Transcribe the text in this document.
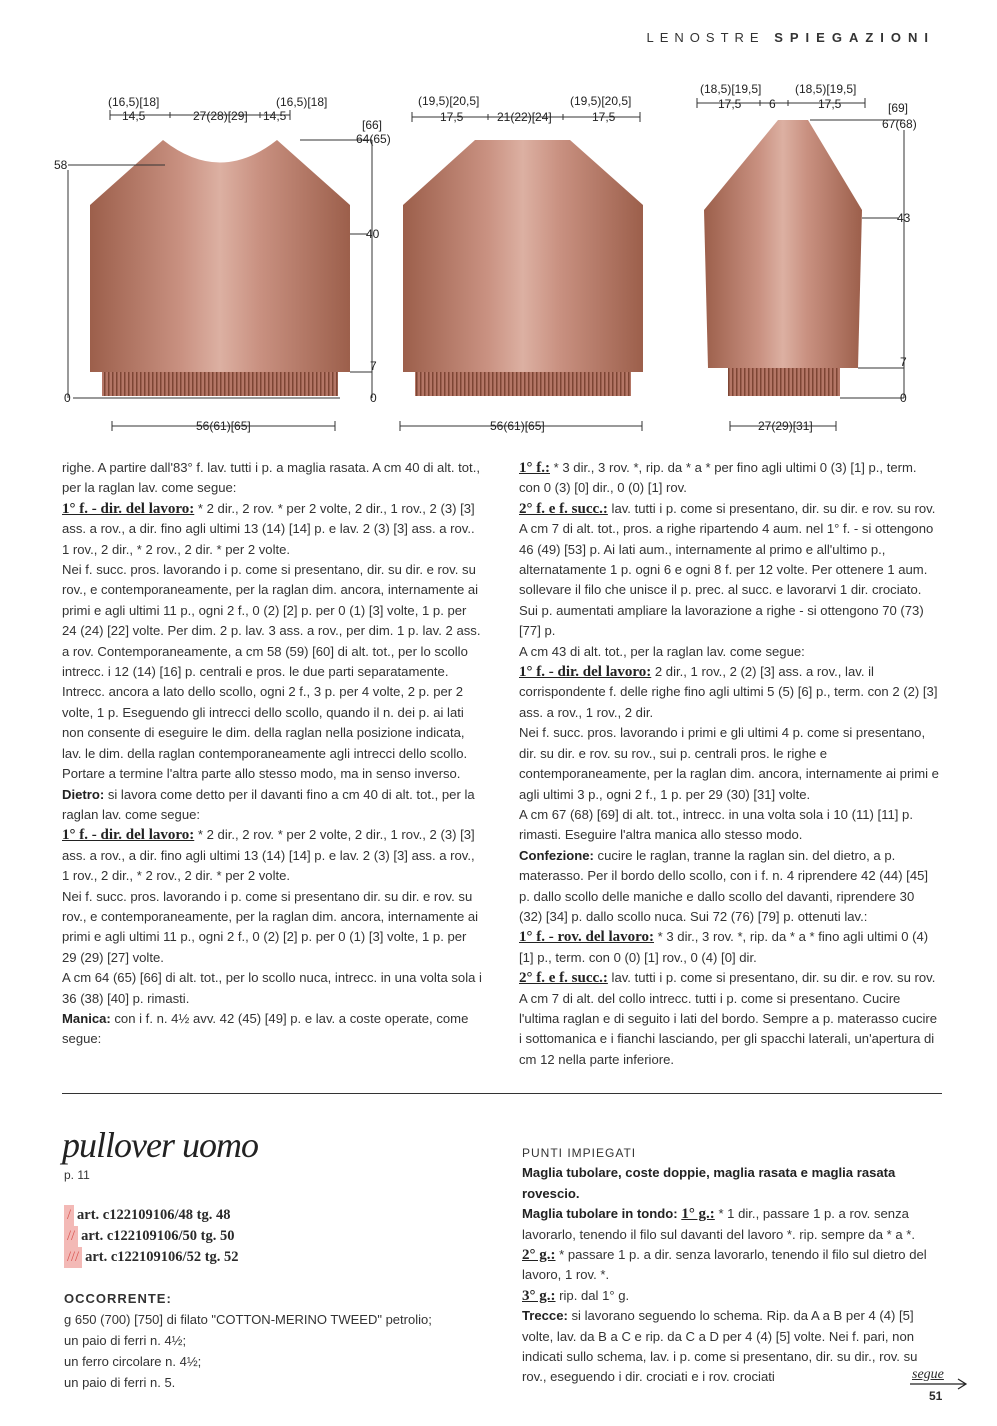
LENOSTRE SPIEGAZIONI
(16,5)[18]	(16,5)[18]
14,5	27(28)[29] 14,5
[66]
64(65)
58
40
7
0
0
56(61)[65]
(19,5)[20,5]	(19,5)[20,5]
17,5	21(22)[24]	17,5
56(61)[65]
(18,5)[19,5]	(18,5)[19,5]
17,5 6	17,5	[69]
67(68)
43
7
0
27(29)[31]

righe. A partire dall'83° f. lav. tutti i p. a maglia rasata. A cm 40 di alt. tot., per la raglan lav. come segue:

1° f. - dir. del lavoro: * 2 dir., 2 rov. * per 2 volte, 2 dir., 1 rov., 2 (3) [3] ass. a rov., a dir. fino agli ultimi 13 (14) [14] p. e lav. 2 (3) [3] ass. a rov.. 1 rov., 2 dir., * 2 rov., 2 dir. * per 2 volte.

Nei f. succ. pros. lavorando i p. come si presentano, dir. su dir. e rov. su rov., e contemporaneamente, per la raglan dim. ancora, internamente ai primi e agli ultimi 11 p., ogni 2 f., 0 (2) [2] p. per 0 (1) [3] volte, 1 p. per 24 (24) [22] volte. Per dim. 2 p. lav. 3 ass. a rov., per dim. 1 p. lav. 2 ass. a rov. Contemporaneamente, a cm 58 (59) [60] di alt. tot., per lo scollo intrecc. i 12 (14) [16] p. centrali e pros. le due parti separatamente. Intrecc. ancora a lato dello scollo, ogni 2 f., 3 p. per 4 volte, 2 p. per 2 volte, 1 p. Eseguendo gli intrecci dello scollo, quando il n. dei p. ai lati non consente di eseguire le dim. della raglan nella posizione indicata, lav. le dim. della raglan contemporaneamente agli intrecci dello scollo.

Portare a termine l'altra parte allo stesso modo, ma in senso inverso.

Dietro: si lavora come detto per il davanti fino a cm 40 di alt. tot., per la raglan lav. come segue:

1° f. - dir. del lavoro: * 2 dir., 2 rov. * per 2 volte, 2 dir., 1 rov., 2 (3) [3] ass. a rov., a dir. fino agli ultimi 13 (14) [14] p. e lav. 2 (3) [3] ass. a rov., 1 rov., 2 dir., * 2 rov., 2 dir. * per 2 volte.

Nei f. succ. pros. lavorando i p. come si presentano dir. su dir. e rov. su rov., e contemporaneamente, per la raglan dim. ancora, internamente ai primi e agli ultimi 11 p., ogni 2 f., 0 (2) [2] p. per 0 (1) [3] volte, 1 p. per 29 (29) [27] volte.

A cm 64 (65) [66] di alt. tot., per lo scollo nuca, intrecc. in una volta sola i 36 (38) [40] p. rimasti.

Manica: con i f. n. 4½ avv. 42 (45) [49] p. e lav. a coste operate, come segue:

1° f.: * 3 dir., 3 rov. *, rip. da * a * per fino agli ultimi 0 (3) [1] p., term. con 0 (3) [0] dir., 0 (0) [1] rov.

2° f. e f. succ.: lav. tutti i p. come si presentano, dir. su dir. e rov. su rov. A cm 7 di alt. tot., pros. a righe ripartendo 4 aum. nel 1° f. - si ottengono 46 (49) [53] p. Ai lati aum., internamente al primo e all'ultimo p., alternatamente 1 p. ogni 6 e ogni 8 f. per 12 volte. Per ottenere 1 aum. sollevare il filo che unisce il p. prec. al succ. e lavorarvi 1 dir. crociato. Sui p. aumentati ampliare la lavorazione a righe - si ottengono 70 (73) [77] p.

A cm 43 di alt. tot., per la raglan lav. come segue:

1° f. - dir. del lavoro: 2 dir., 1 rov., 2 (2) [3] ass. a rov., lav. il corrispondente f. delle righe fino agli ultimi 5 (5) [6] p., term. con 2 (2) [3] ass. a rov., 1 rov., 2 dir.

Nei f. succ. pros. lavorando i primi e gli ultimi 4 p. come si presentano, dir. su dir. e rov. su rov., sui p. centrali pros. le righe e contemporaneamente, per la raglan dim. ancora, internamente ai primi e agli ultimi 3 p., ogni 2 f., 1 p. per 29 (30) [31] volte.

A cm 67 (68) [69] di alt. tot., intrecc. in una volta sola i 10 (11) [11] p. rimasti. Eseguire l'altra manica allo stesso modo.

Confezione: cucire le raglan, tranne la raglan sin. del dietro, a p. materasso. Per il bordo dello scollo, con i f. n. 4 riprendere 42 (44) [45] p. dallo scollo delle maniche e dallo scollo del davanti, riprendere 30 (32) [34] p. dallo scollo nuca. Sui 72 (76) [79] p. ottenuti lav.:

1° f. - rov. del lavoro: * 3 dir., 3 rov. *, rip. da * a * fino agli ultimi 0 (4) [1] p., term. con 0 (0) [1] rov., 0 (4) [0] dir.

2° f. e f. succ.: lav. tutti i p. come si presentano, dir. su dir. e rov. su rov. A cm 7 di alt. del collo intrecc. tutti i p. come si presentano. Cucire l'ultima raglan e di seguito i lati del bordo. Sempre a p. materasso cucire i sottomanica e i fianchi lasciando, per gli spacchi laterali, un'apertura di cm 12 nella parte inferiore.

pullover uomo
p. 11
/ art. c122109106/48 tg. 48
// art. c122109106/50 tg. 50
/// art. c122109106/52 tg. 52
OCCORRENTE:
g 650 (700) [750] di filato "COTTON-MERINO TWEED" petrolio;
un paio di ferri n. 4½;
un ferro circolare n. 4½;
un paio di ferri n. 5.

PUNTI IMPIEGATI

Maglia tubolare, coste doppie, maglia rasata e maglia rasata rovescio.

Maglia tubolare in tondo: 1° g.: * 1 dir., passare 1 p. a rov. senza lavorarlo, tenendo il filo sul davanti del lavoro *. rip. sempre da * a *.

2° g.: * passare 1 p. a dir. senza lavorarlo, tenendo il filo sul dietro del lavoro, 1 rov. *.

3° g.: rip. dal 1° g.

Trecce: si lavorano seguendo lo schema. Rip. da A a B per 4 (4) [5] volte, lav. da B a C e rip. da C a D per 4 (4) [5] volte. Nei f. pari, non indicati sullo schema, lav. i p. come si presentano, dir. su dir., rov. su rov., eseguendo i dir. crociati e i rov. crociati	segue
51
